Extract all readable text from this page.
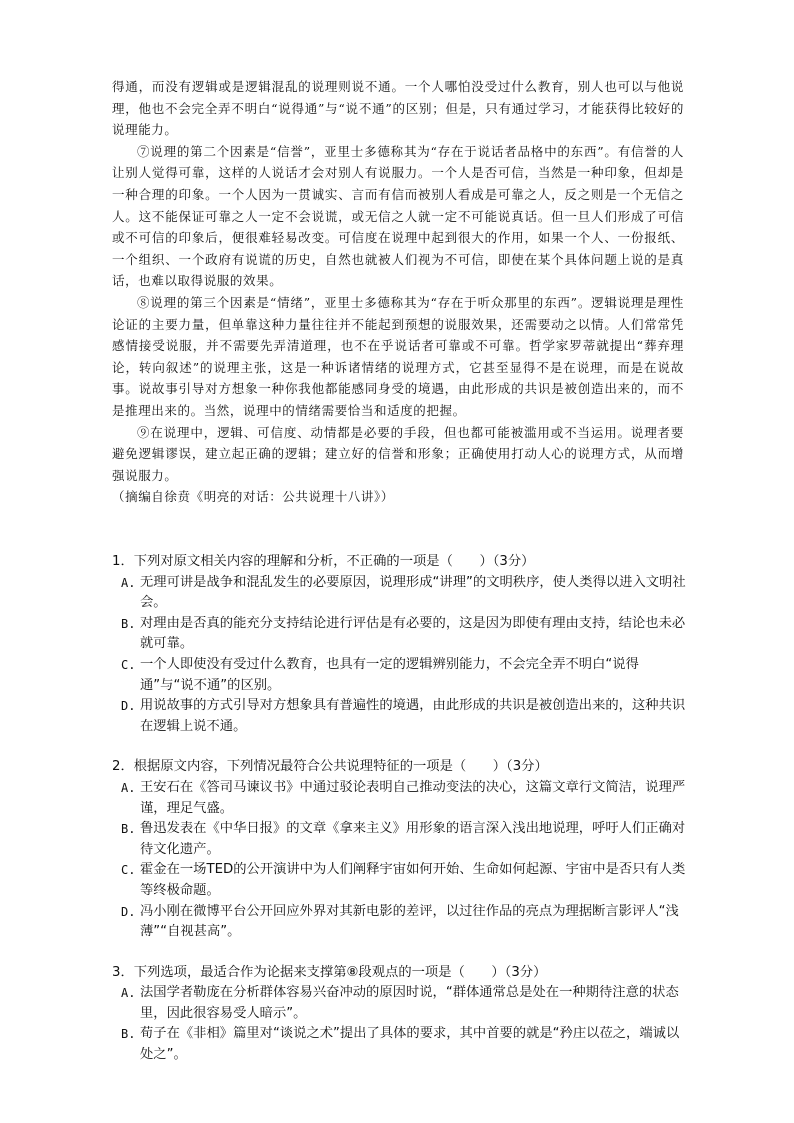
得通，而没有逻辑或是逻辑混乱的说理则说不通。一个人哪怕没受过什么教育，别人也可以与他说理，他也不会完全弄不明白“说得通”与“说不通”的区别；但是，只有通过学习，才能获得比较好的说理能力。

⑦说理的第二个因素是“信誉”，亚里士多德称其为“存在于说话者品格中的东西”。有信誉的人让别人觉得可靠，这样的人说话才会对别人有说服力。一个人是否可信，当然是一种印象，但却是一种合理的印象。一个人因为一贯诚实、言而有信而被别人看成是可靠之人，反之则是一个无信之人。这不能保证可靠之人一定不会说谎，或无信之人就一定不可能说真话。但一旦人们形成了可信或不可信的印象后，便很难轻易改变。可信度在说理中起到很大的作用，如果一个人、一份报纸、一个组织、一个政府有说谎的历史，自然也就被人们视为不可信，即使在某个具体问题上说的是真话，也难以取得说服的效果。

⑧说理的第三个因素是“情绪”，亚里士多德称其为“存在于听众那里的东西”。逻辑说理是理性论证的主要力量，但单靠这种力量往往并不能起到预想的说服效果，还需要动之以情。人们常常凭感情接受说服，并不需要先弄清道理，也不在乎说话者可靠或不可靠。哲学家罗蒂就提出“葬弃理论，转向叙述”的说理主张，这是一种诉诸情绪的说理方式，它甚至显得不是在说理，而是在说故事。说故事引导对方想象一种你我他都能感同身受的境遇，由此形成的共识是被创造出来的，而不是推理出来的。当然，说理中的情绪需要恰当和适度的把握。

⑨在说理中，逻辑、可信度、动情都是必要的手段，但也都可能被滥用或不当运用。说理者要避免逻辑谬误，建立起正确的逻辑；建立好的信誉和形象；正确使用打动人心的说理方式，从而增强说服力。

（摘编自徐贲《明亮的对话：公共说理十八讲》）

1．下列对原文相关内容的理解和分析，不正确的一项是（　　）（3分）

A. 无理可讲是战争和混乱发生的必要原因，说理形成“讲理”的文明秩序，使人类得以进入文明社会。

B. 对理由是否真的能充分支持结论进行评估是有必要的，这是因为即使有理由支持，结论也未必就可靠。

C. 一个人即使没有受过什么教育，也具有一定的逻辑辨别能力，不会完全弄不明白“说得通”与“说不通”的区别。

D. 用说故事的方式引导对方想象具有普遍性的境遇，由此形成的共识是被创造出来的，这种共识在逻辑上说不通。

2．根据原文内容，下列情况最符合公共说理特征的一项是（　　）（3分）

A. 王安石在《答司马谏议书》中通过驳论表明自己推动变法的决心，这篇文章行文简洁，说理严谨，理足气盛。

B. 鲁迅发表在《中华日报》的文章《拿来主义》用形象的语言深入浅出地说理，呼吁人们正确对待文化遗产。

C. 霍金在一场TED的公开演讲中为人们阐释宇宙如何开始、生命如何起源、宇宙中是否只有人类等终极命题。

D. 冯小刚在微博平台公开回应外界对其新电影的差评，以过往作品的亮点为理据断言影评人“浅薄”“自视甚高”。

3．下列选项，最适合作为论据来支撑第⑧段观点的一项是（　　）（3分）

A. 法国学者勒庞在分析群体容易兴奋冲动的原因时说，“群体通常总是处在一种期待注意的状态里，因此很容易受人暗示”。

B. 荀子在《非相》篇里对“谈说之术”提出了具体的要求，其中首要的就是“矜庄以莅之，端诚以处之”。
